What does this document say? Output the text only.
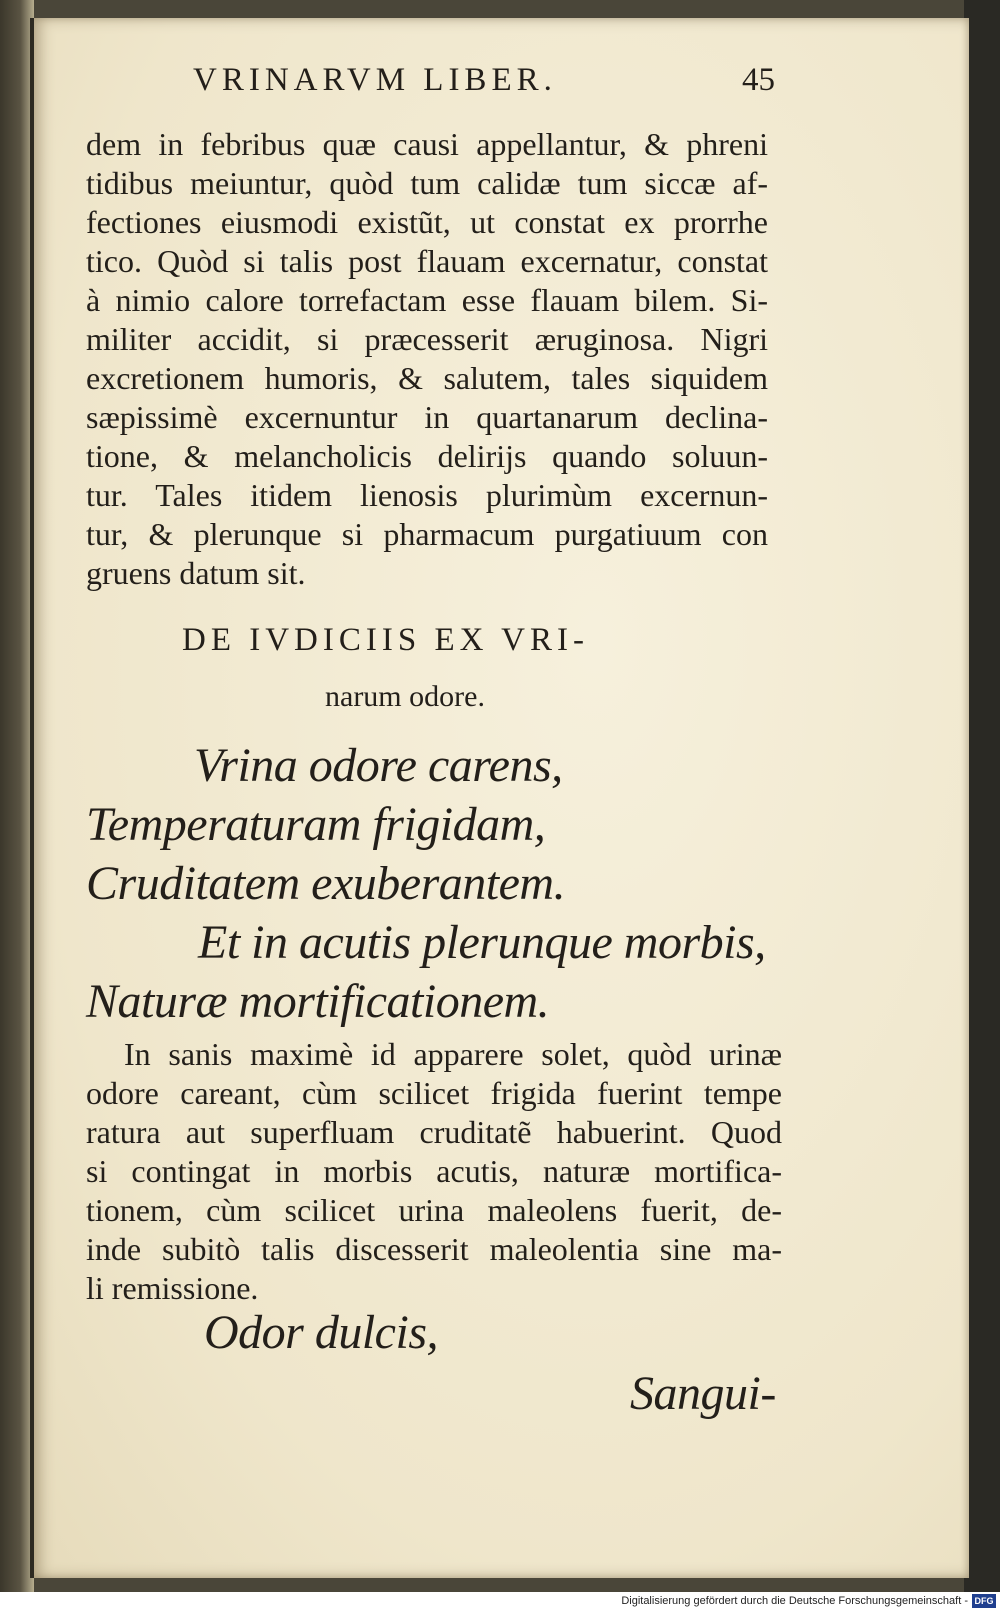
VRINARVM LIBER.	45
dem in febribus quæ causi appellantur, & phreni
tidibus meiuntur, quòd tum calidæ tum siccæ af-
fectiones eiusmodi existũt, ut constat ex prorrhe
tico. Quòd si talis post flauam excernatur, constat
à nimio calore torrefactam esse flauam bilem. Si-
militer accidit, si præcesserit æruginosa. Nigri
excretionem humoris, & salutem, tales siquidem
sæpissimè excernuntur in quartanarum declina-
tione, & melancholicis delirijs quando soluun-
tur. Tales itidem lienosis plurimùm excernun-
tur, & plerunque si pharmacum purgatiuum con
gruens datum sit.
DE IVDICIIS EX VRI-
narum odore.
Vrina odore carens,
Temperaturam frigidam,
Cruditatem exuberantem.
Et in acutis plerunque morbis,
Naturæ mortificationem.
In sanis maximè id apparere solet, quòd urinæ
odore careant, cùm scilicet frigida fuerint tempe
ratura aut superfluam cruditatẽ habuerint. Quod
si contingat in morbis acutis, naturæ mortifica-
tionem, cùm scilicet urina maleolens fuerit, de-
inde subitò talis discesserit maleolentia sine ma-
li remissione.
Odor dulcis,
Sangui-
Digitalisierung gefördert durch die Deutsche Forschungsgemeinschaft - DFG
